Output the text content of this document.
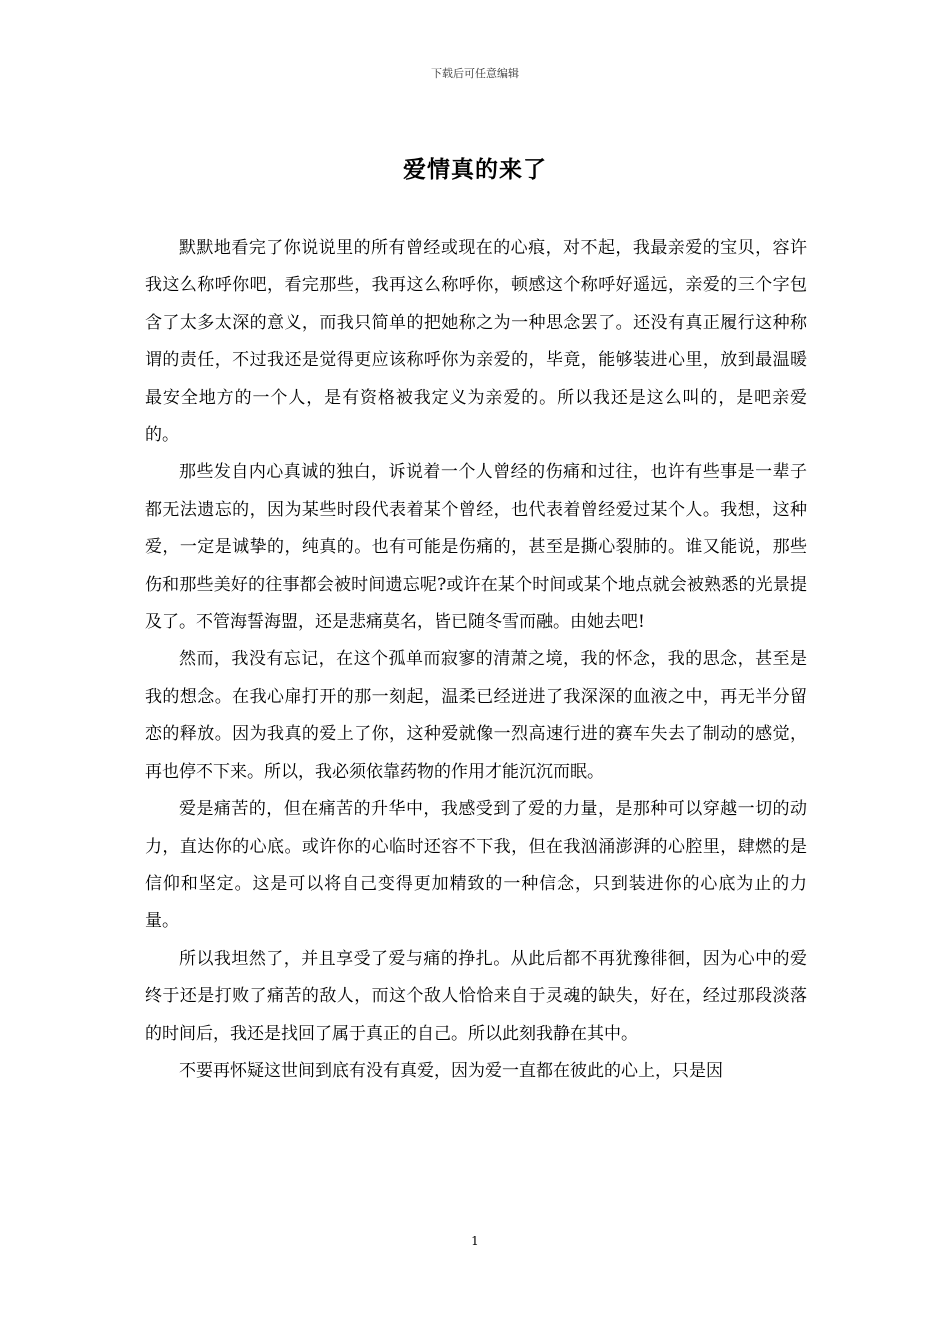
下载后可任意编辑
爱情真的来了

默默地看完了你说说里的所有曾经或现在的心痕，对不起，我最亲爱的宝贝，容许我这么称呼你吧，看完那些，我再这么称呼你，顿感这个称呼好遥远，亲爱的三个字包含了太多太深的意义，而我只简单的把她称之为一种思念罢了。还没有真正履行这种称谓的责任，不过我还是觉得更应该称呼你为亲爱的，毕竟，能够装进心里，放到最温暖最安全地方的一个人，是有资格被我定义为亲爱的。所以我还是这么叫的，是吧亲爱的。

那些发自内心真诚的独白，诉说着一个人曾经的伤痛和过往，也许有些事是一辈子都无法遗忘的，因为某些时段代表着某个曾经，也代表着曾经爱过某个人。我想，这种爱，一定是诚挚的，纯真的。也有可能是伤痛的，甚至是撕心裂肺的。谁又能说，那些伤和那些美好的往事都会被时间遗忘呢?或许在某个时间或某个地点就会被熟悉的光景提及了。不管海誓海盟，还是悲痛莫名，皆已随冬雪而融。由她去吧!

然而，我没有忘记，在这个孤单而寂寥的清萧之境，我的怀念，我的思念，甚至是我的想念。在我心扉打开的那一刻起，温柔已经迸进了我深深的血液之中，再无半分留恋的释放。因为我真的爱上了你，这种爱就像一烈高速行进的赛车失去了制动的感觉，再也停不下来。所以，我必须依靠药物的作用才能沉沉而眠。

爱是痛苦的，但在痛苦的升华中，我感受到了爱的力量，是那种可以穿越一切的动力，直达你的心底。或许你的心临时还容不下我，但在我汹涌澎湃的心腔里，肆燃的是信仰和坚定。这是可以将自己变得更加精致的一种信念，只到装进你的心底为止的力量。

所以我坦然了，并且享受了爱与痛的挣扎。从此后都不再犹豫徘徊，因为心中的爱终于还是打败了痛苦的敌人，而这个敌人恰恰来自于灵魂的缺失，好在，经过那段淡落的时间后，我还是找回了属于真正的自己。所以此刻我静在其中。

不要再怀疑这世间到底有没有真爱，因为爱一直都在彼此的心上，只是因

1
